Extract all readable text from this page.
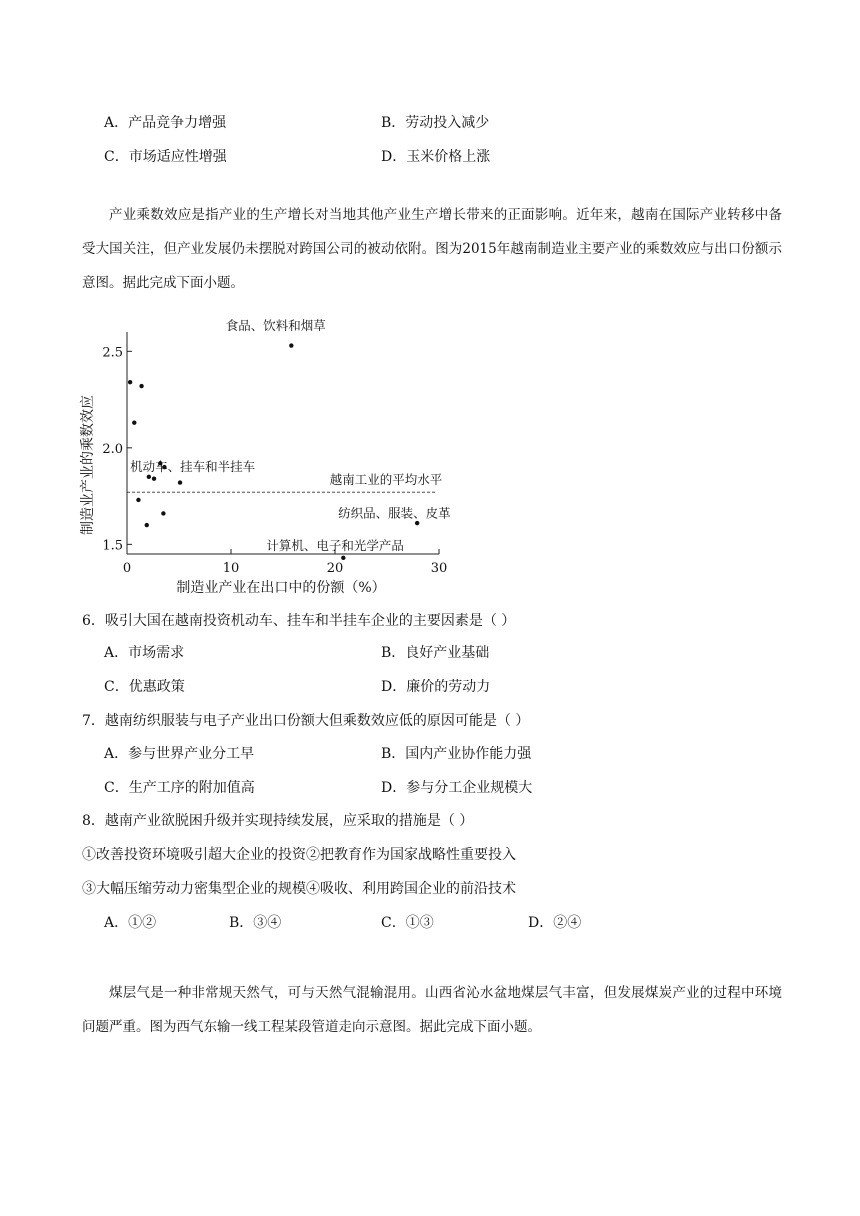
A．产品竞争力增强	B．劳动投入减少
C．市场适应性增强	D．玉米价格上涨

产业乘数效应是指产业的生产增长对当地其他产业生产增长带来的正面影响。近年来，越南在国际产业转移中备受大国关注，但产业发展仍未摆脱对跨国公司的被动依附。图为2015年越南制造业主要产业的乘数效应与出口份额示意图。据此完成下面小题。

0	10	20	30
1.5
2.0
2.5
越南工业的平均水平
食品、饮料和烟草
机动车、挂车和半挂车
纺织品、服装、皮革
计算机、电子和光学产品
制造业产业在出口中的份额（%）
制造业产业的乘数效应
6．吸引大国在越南投资机动车、挂车和半挂车企业的主要因素是（ ）
A．市场需求	B．良好产业基础
C．优惠政策	D．廉价的劳动力
7．越南纺织服装与电子产业出口份额大但乘数效应低的原因可能是（ ）
A．参与世界产业分工早	B．国内产业协作能力强
C．生产工序的附加值高	D．参与分工企业规模大
8．越南产业欲脱困升级并实现持续发展，应采取的措施是（ ）
①改善投资环境吸引超大企业的投资②把教育作为国家战略性重要投入
③大幅压缩劳动力密集型企业的规模④吸收、利用跨国企业的前沿技术
A．①②	B．③④	C．①③	D．②④

煤层气是一种非常规天然气，可与天然气混输混用。山西省沁水盆地煤层气丰富，但发展煤炭产业的过程中环境问题严重。图为西气东输一线工程某段管道走向示意图。据此完成下面小题。
